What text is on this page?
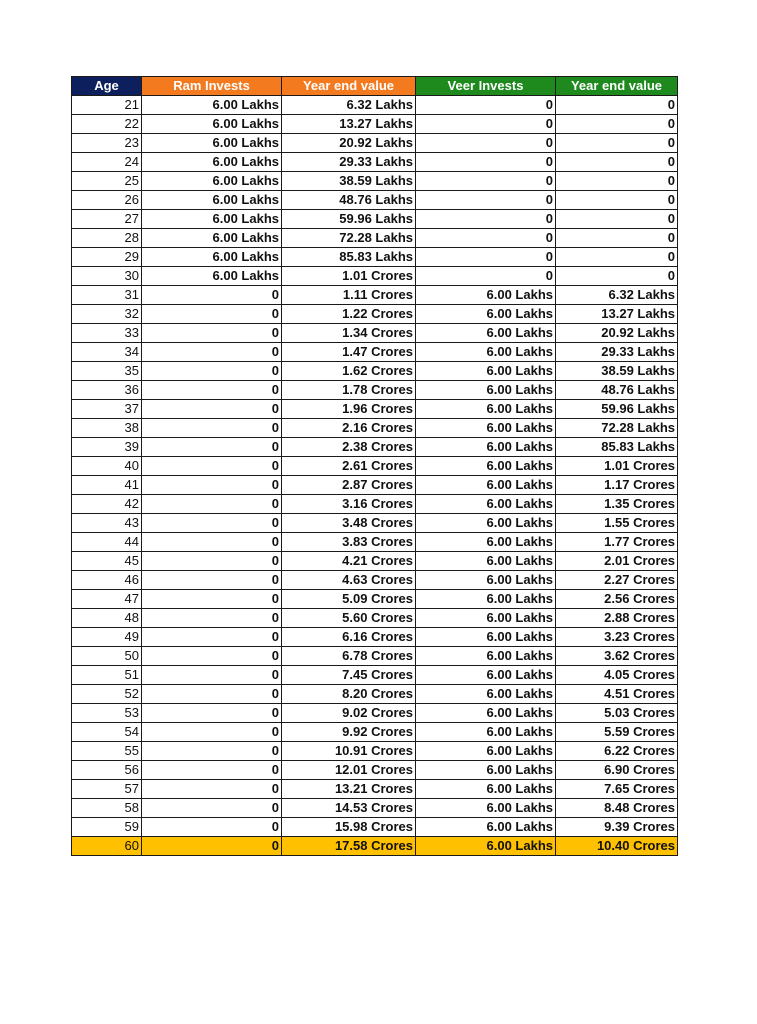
Age	Ram Invests	Year end value	Veer Invests	Year end value
21	6.00 Lakhs	6.32 Lakhs	0	0
22	6.00 Lakhs	13.27 Lakhs	0	0
23	6.00 Lakhs	20.92 Lakhs	0	0
24	6.00 Lakhs	29.33 Lakhs	0	0
25	6.00 Lakhs	38.59 Lakhs	0	0
26	6.00 Lakhs	48.76 Lakhs	0	0
27	6.00 Lakhs	59.96 Lakhs	0	0
28	6.00 Lakhs	72.28 Lakhs	0	0
29	6.00 Lakhs	85.83 Lakhs	0	0
30	6.00 Lakhs	1.01 Crores	0	0
31	0	1.11 Crores	6.00 Lakhs	6.32 Lakhs
32	0	1.22 Crores	6.00 Lakhs	13.27 Lakhs
33	0	1.34 Crores	6.00 Lakhs	20.92 Lakhs
34	0	1.47 Crores	6.00 Lakhs	29.33 Lakhs
35	0	1.62 Crores	6.00 Lakhs	38.59 Lakhs
36	0	1.78 Crores	6.00 Lakhs	48.76 Lakhs
37	0	1.96 Crores	6.00 Lakhs	59.96 Lakhs
38	0	2.16 Crores	6.00 Lakhs	72.28 Lakhs
39	0	2.38 Crores	6.00 Lakhs	85.83 Lakhs
40	0	2.61 Crores	6.00 Lakhs	1.01 Crores
41	0	2.87 Crores	6.00 Lakhs	1.17 Crores
42	0	3.16 Crores	6.00 Lakhs	1.35 Crores
43	0	3.48 Crores	6.00 Lakhs	1.55 Crores
44	0	3.83 Crores	6.00 Lakhs	1.77 Crores
45	0	4.21 Crores	6.00 Lakhs	2.01 Crores
46	0	4.63 Crores	6.00 Lakhs	2.27 Crores
47	0	5.09 Crores	6.00 Lakhs	2.56 Crores
48	0	5.60 Crores	6.00 Lakhs	2.88 Crores
49	0	6.16 Crores	6.00 Lakhs	3.23 Crores
50	0	6.78 Crores	6.00 Lakhs	3.62 Crores
51	0	7.45 Crores	6.00 Lakhs	4.05 Crores
52	0	8.20 Crores	6.00 Lakhs	4.51 Crores
53	0	9.02 Crores	6.00 Lakhs	5.03 Crores
54	0	9.92 Crores	6.00 Lakhs	5.59 Crores
55	0	10.91 Crores	6.00 Lakhs	6.22 Crores
56	0	12.01 Crores	6.00 Lakhs	6.90 Crores
57	0	13.21 Crores	6.00 Lakhs	7.65 Crores
58	0	14.53 Crores	6.00 Lakhs	8.48 Crores
59	0	15.98 Crores	6.00 Lakhs	9.39 Crores
60	0	17.58 Crores	6.00 Lakhs	10.40 Crores
